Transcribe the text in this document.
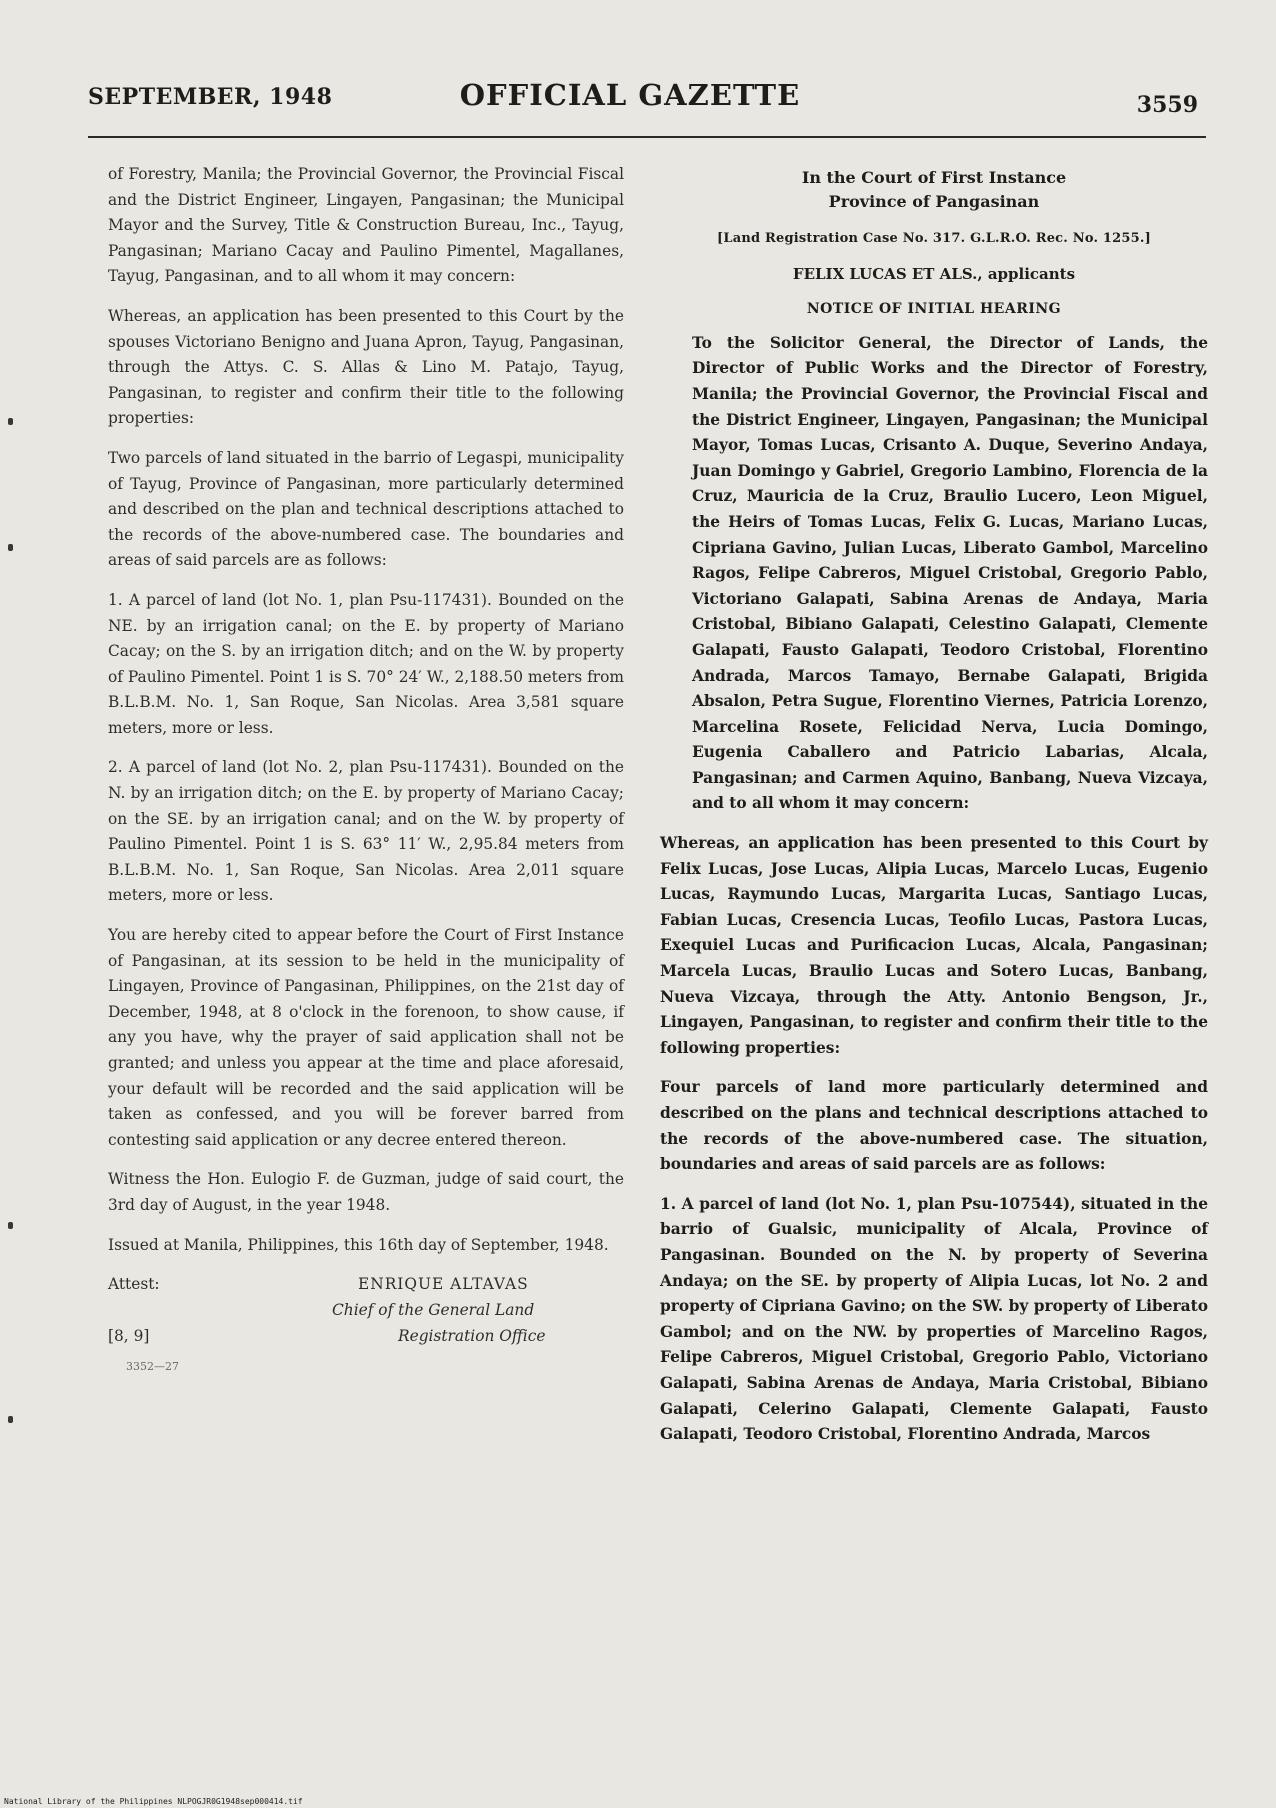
SEPTEMBER, 1948	OFFICIAL GAZETTE	3559

of Forestry, Manila; the Provincial Governor, the Provincial Fiscal and the District Engineer, Lingayen, Pangasinan; the Municipal Mayor and the Survey, Title & Construction Bureau, Inc., Tayug, Pangasinan; Mariano Cacay and Paulino Pimentel, Magallanes, Tayug, Pangasinan, and to all whom it may concern:

Whereas, an application has been presented to this Court by the spouses Victoriano Benigno and Juana Apron, Tayug, Pangasinan, through the Attys. C. S. Allas & Lino M. Patajo, Tayug, Pangasinan, to register and confirm their title to the following properties:

Two parcels of land situated in the barrio of Legaspi, municipality of Tayug, Province of Pangasinan, more particularly determined and described on the plan and technical descriptions attached to the records of the above-numbered case. The boundaries and areas of said parcels are as follows:

1. A parcel of land (lot No. 1, plan Psu-117431). Bounded on the NE. by an irrigation canal; on the E. by property of Mariano Cacay; on the S. by an irrigation ditch; and on the W. by property of Paulino Pimentel. Point 1 is S. 70° 24′ W., 2,188.50 meters from B.L.B.M. No. 1, San Roque, San Nicolas. Area 3,581 square meters, more or less.

2. A parcel of land (lot No. 2, plan Psu-117431). Bounded on the N. by an irrigation ditch; on the E. by property of Mariano Cacay; on the SE. by an irrigation canal; and on the W. by property of Paulino Pimentel. Point 1 is S. 63° 11′ W., 2,95.84 meters from B.L.B.M. No. 1, San Roque, San Nicolas. Area 2,011 square meters, more or less.

You are hereby cited to appear before the Court of First Instance of Pangasinan, at its session to be held in the municipality of Lingayen, Province of Pangasinan, Philippines, on the 21st day of December, 1948, at 8 o'clock in the forenoon, to show cause, if any you have, why the prayer of said application shall not be granted; and unless you appear at the time and place aforesaid, your default will be recorded and the said application will be taken as confessed, and you will be forever barred from contesting said application or any decree entered thereon.

Witness the Hon. Eulogio F. de Guzman, judge of said court, the 3rd day of August, in the year 1948.

Issued at Manila, Philippines, this 16th day of September, 1948.

Attest:	ENRIQUE ALTAVAS
Chief of the General Land
Registration Office
[8, 9]
3352—27
In the Court of First Instance
Province of Pangasinan
[Land Registration Case No. 317. G.L.R.O. Rec. No. 1255.]
FELIX LUCAS ET ALS., applicants
NOTICE OF INITIAL HEARING

To the Solicitor General, the Director of Lands, the Director of Public Works and the Director of Forestry, Manila; the Provincial Governor, the Provincial Fiscal and the District Engineer, Lingayen, Pangasinan; the Municipal Mayor, Tomas Lucas, Crisanto A. Duque, Severino Andaya, Juan Domingo y Gabriel, Gregorio Lambino, Florencia de la Cruz, Mauricia de la Cruz, Braulio Lucero, Leon Miguel, the Heirs of Tomas Lucas, Felix G. Lucas, Mariano Lucas, Cipriana Gavino, Julian Lucas, Liberato Gambol, Marcelino Ragos, Felipe Cabreros, Miguel Cristobal, Gregorio Pablo, Victoriano Galapati, Sabina Arenas de Andaya, Maria Cristobal, Bibiano Galapati, Celestino Galapati, Clemente Galapati, Fausto Galapati, Teodoro Cristobal, Florentino Andrada, Marcos Tamayo, Bernabe Galapati, Brigida Absalon, Petra Sugue, Florentino Viernes, Patricia Lorenzo, Marcelina Rosete, Felicidad Nerva, Lucia Domingo, Eugenia Caballero and Patricio Labarias, Alcala, Pangasinan; and Carmen Aquino, Banbang, Nueva Vizcaya, and to all whom it may concern:

Whereas, an application has been presented to this Court by Felix Lucas, Jose Lucas, Alipia Lucas, Marcelo Lucas, Eugenio Lucas, Raymundo Lucas, Margarita Lucas, Santiago Lucas, Fabian Lucas, Cresencia Lucas, Teofilo Lucas, Pastora Lucas, Exequiel Lucas and Purificacion Lucas, Alcala, Pangasinan; Marcela Lucas, Braulio Lucas and Sotero Lucas, Banbang, Nueva Vizcaya, through the Atty. Antonio Bengson, Jr., Lingayen, Pangasinan, to register and confirm their title to the following properties:

Four parcels of land more particularly determined and described on the plans and technical descriptions attached to the records of the above-numbered case. The situation, boundaries and areas of said parcels are as follows:

1. A parcel of land (lot No. 1, plan Psu-107544), situated in the barrio of Gualsic, municipality of Alcala, Province of Pangasinan. Bounded on the N. by property of Severina Andaya; on the SE. by property of Alipia Lucas, lot No. 2 and property of Cipriana Gavino; on the SW. by property of Liberato Gambol; and on the NW. by properties of Marcelino Ragos, Felipe Cabreros, Miguel Cristobal, Gregorio Pablo, Victoriano Galapati, Sabina Arenas de Andaya, Maria Cristobal, Bibiano Galapati, Celerino Galapati, Clemente Galapati, Fausto Galapati, Teodoro Cristobal, Florentino Andrada, Marcos

National Library of the Philippines NLPOGJR0G1948sep000414.tif
